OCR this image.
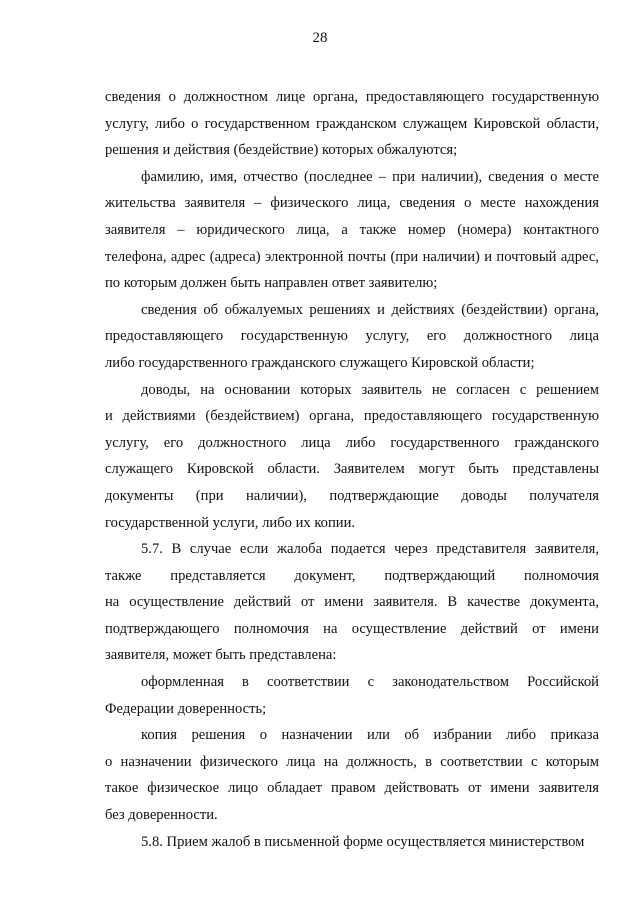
28
сведения о должностном лице органа, предоставляющего государственную
услугу, либо о государственном гражданском служащем Кировской области,
решения и действия (бездействие) которых обжалуются;
фамилию, имя, отчество (последнее – при наличии), сведения о месте
жительства заявителя – физического лица, сведения о месте нахождения
заявителя – юридического лица, а также номер (номера) контактного
телефона, адрес (адреса) электронной почты (при наличии) и почтовый адрес,
по которым должен быть направлен ответ заявителю;
сведения об обжалуемых решениях и действиях (бездействии) органа,
предоставляющего государственную услугу, его должностного лица
либо государственного гражданского служащего Кировской области;
доводы, на основании которых заявитель не согласен с решением
и действиями (бездействием) органа, предоставляющего государственную
услугу, его должностного лица либо государственного гражданского
служащего Кировской области. Заявителем могут быть представлены
документы (при наличии), подтверждающие доводы получателя
государственной услуги, либо их копии.
5.7. В случае если жалоба подается через представителя заявителя,
также представляется документ, подтверждающий полномочия
на осуществление действий от имени заявителя. В качестве документа,
подтверждающего полномочия на осуществление действий от имени
заявителя, может быть представлена:
оформленная в соответствии с законодательством Российской
Федерации доверенность;
копия решения о назначении или об избрании либо приказа
о назначении физического лица на должность, в соответствии с которым
такое физическое лицо обладает правом действовать от имени заявителя
без доверенности.
5.8. Прием жалоб в письменной форме осуществляется министерством
